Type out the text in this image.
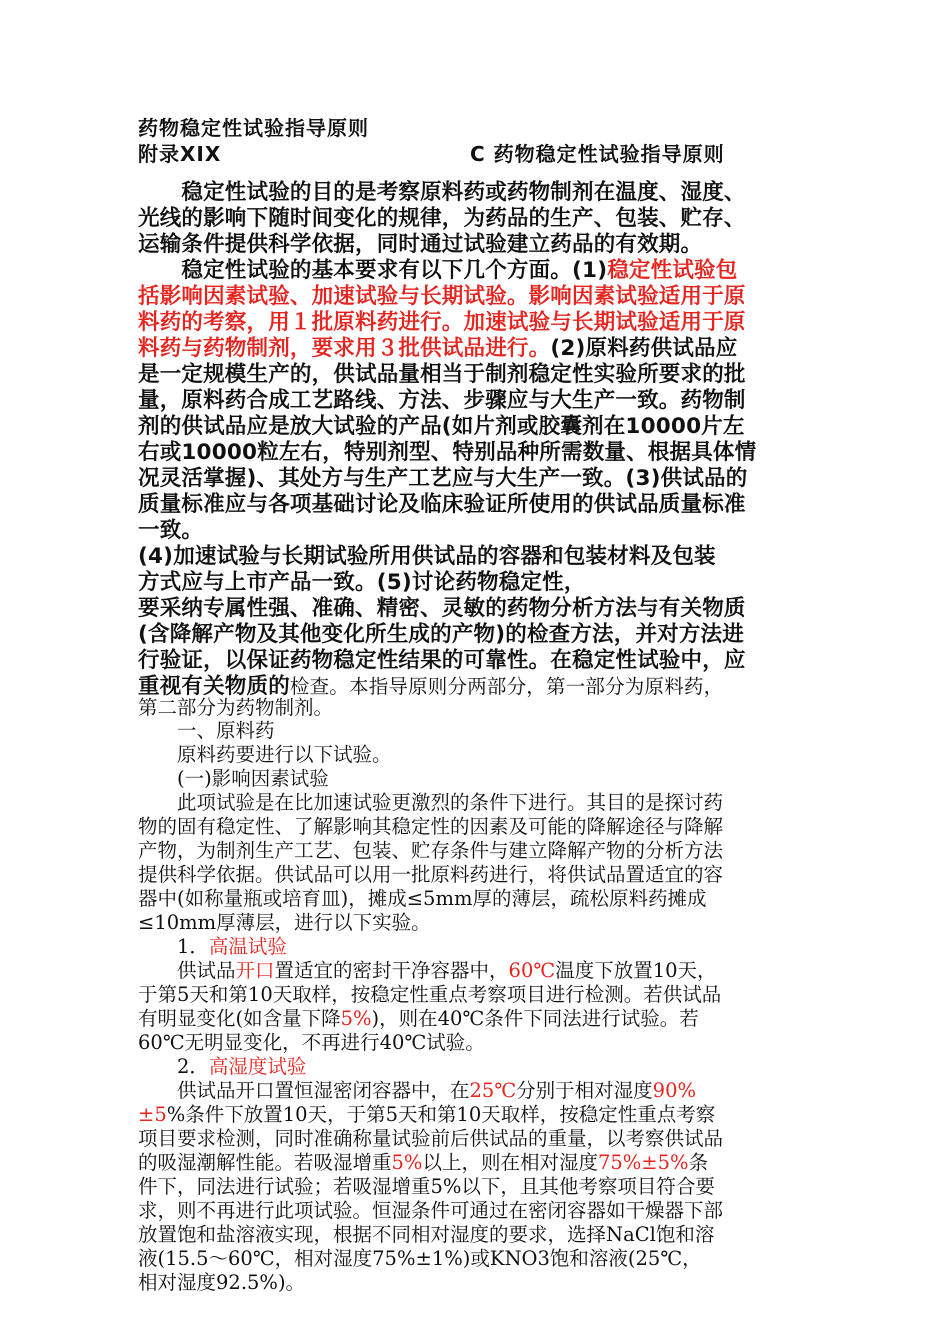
药物稳定性试验指导原则
附录XIX	C 药物稳定性试验指导原则
　　稳定性试验的目的是考察原料药或药物制剂在温度、湿度、
光线的影响下随时间变化的规律，为药品的生产、包装、贮存、
运输条件提供科学依据，同时通过试验建立药品的有效期。
　　稳定性试验的基本要求有以下几个方面。(1)稳定性试验包
括影响因素试验、加速试验与长期试验。影响因素试验适用于原
料药的考察，用１批原料药进行。加速试验与长期试验适用于原
料药与药物制剂，要求用３批供试品进行。(2)原料药供试品应
是一定规模生产的，供试品量相当于制剂稳定性实验所要求的批
量，原料药合成工艺路线、方法、步骤应与大生产一致。药物制
剂的供试品应是放大试验的产品(如片剂或胶囊剂在10000片左
右或10000粒左右，特别剂型、特别品种所需数量、根据具体情
况灵活掌握)、其处方与生产工艺应与大生产一致。(3)供试品的
质量标准应与各项基础讨论及临床验证所使用的供试品质量标准
一致。
(4)加速试验与长期试验所用供试品的容器和包装材料及包装
方式应与上市产品一致。(5)讨论药物稳定性，
要采纳专属性强、准确、精密、灵敏的药物分析方法与有关物质
(含降解产物及其他变化所生成的产物)的检查方法，并对方法进
行验证，以保证药物稳定性结果的可靠性。在稳定性试验中，应
重视有关物质的检查。本指导原则分两部分，第一部分为原料药，
第二部分为药物制剂。
　　一、原料药
　　原料药要进行以下试验。
　　(一)影响因素试验
　　此项试验是在比加速试验更激烈的条件下进行。其目的是探讨药
物的固有稳定性、了解影响其稳定性的因素及可能的降解途径与降解
产物，为制剂生产工艺、包装、贮存条件与建立降解产物的分析方法
提供科学依据。供试品可以用一批原料药进行，将供试品置适宜的容
器中(如称量瓶或培育皿)，摊成≤5mm厚的薄层，疏松原料药摊成
≤10mm厚薄层，进行以下实验。
　　1．高温试验
　　供试品开口置适宜的密封干净容器中，60℃温度下放置10天，
于第5天和第10天取样，按稳定性重点考察项目进行检测。若供试品
有明显变化(如含量下降5%)，则在40℃条件下同法进行试验。若
60℃无明显变化，不再进行40℃试验。
　　2．高湿度试验
　　供试品开口置恒湿密闭容器中，在25℃分别于相对湿度90%
±5%条件下放置10天，于第5天和第10天取样，按稳定性重点考察
项目要求检测，同时准确称量试验前后供试品的重量，以考察供试品
的吸湿潮解性能。若吸湿增重5%以上，则在相对湿度75%±5%条
件下，同法进行试验；若吸湿增重5%以下，且其他考察项目符合要
求，则不再进行此项试验。恒湿条件可通过在密闭容器如干燥器下部
放置饱和盐溶液实现，根据不同相对湿度的要求，选择NaCl饱和溶
液(15.5～60℃，相对湿度75%±1%)或KNO3饱和溶液(25℃，
相对湿度92.5%)。
